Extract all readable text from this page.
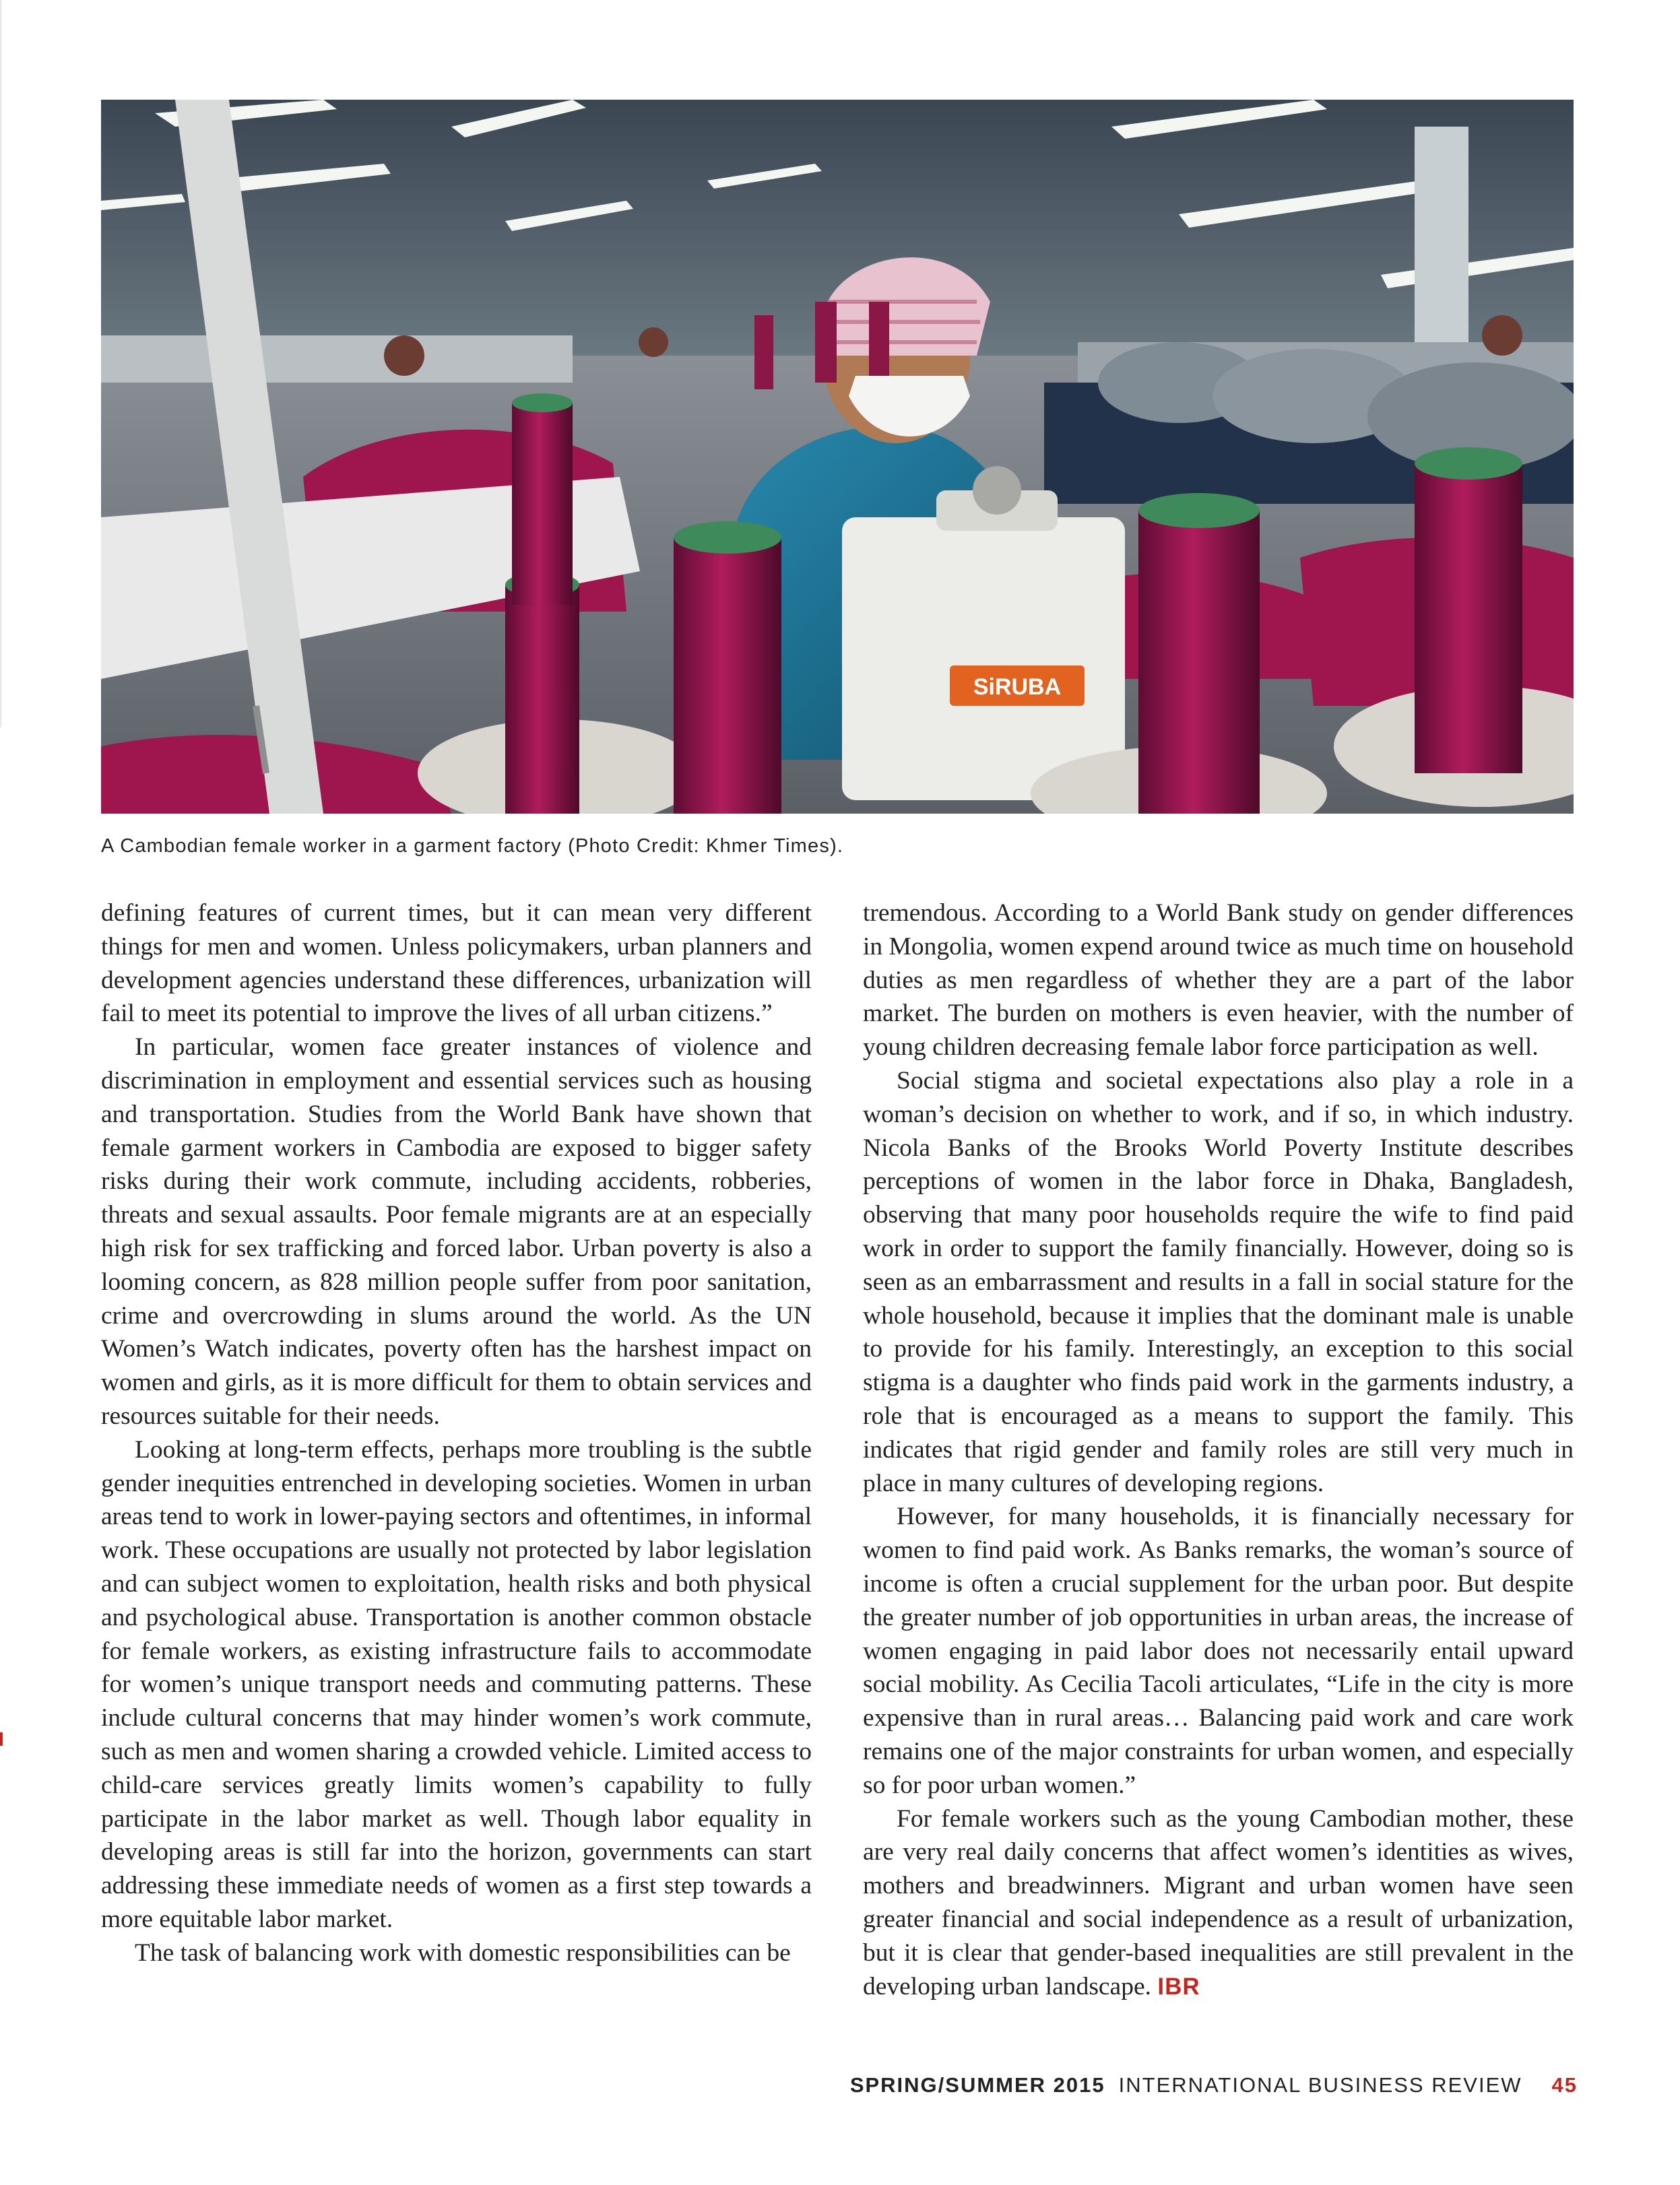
SiRUBA
A Cambodian female worker in a garment factory (Photo Credit: Khmer Times).

defining features of current times, but it can mean very different things for men and women. Unless policymakers, urban planners and development agencies understand these differences, urbanization will fail to meet its potential to improve the lives of all urban citizens.”

In particular, women face greater instances of violence and discrimination in employment and essential services such as housing and transportation. Studies from the World Bank have shown that female garment workers in Cambodia are exposed to bigger safety risks during their work commute, including accidents, robberies, threats and sexual assaults. Poor female migrants are at an especially high risk for sex trafficking and forced labor. Urban poverty is also a looming concern, as 828 million people suffer from poor sanitation, crime and overcrowding in slums around the world. As the UN Women’s Watch indicates, poverty often has the harshest impact on women and girls, as it is more difficult for them to obtain services and resources suitable for their needs.

Looking at long-term effects, perhaps more troubling is the subtle gender inequities entrenched in developing societies. Women in urban areas tend to work in lower-paying sectors and oftentimes, in informal work. These occupations are usually not protected by labor legislation and can subject women to exploitation, health risks and both physical and psychological abuse. Transportation is another common obstacle for female workers, as existing infrastructure fails to accommodate for women’s unique transport needs and commuting patterns. These include cultural concerns that may hinder women’s work commute, such as men and women sharing a crowded vehicle. Limited access to child-care services greatly limits women’s capability to fully participate in the labor market as well. Though labor equality in developing areas is still far into the horizon, governments can start addressing these immediate needs of women as a first step towards a more equitable labor market.

The task of balancing work with domestic responsibilities can be

tremendous. According to a World Bank study on gender differences in Mongolia, women expend around twice as much time on household duties as men regardless of whether they are a part of the labor market. The burden on mothers is even heavier, with the number of young children decreasing female labor force participation as well.

Social stigma and societal expectations also play a role in a woman’s decision on whether to work, and if so, in which industry. Nicola Banks of the Brooks World Poverty Institute describes perceptions of women in the labor force in Dhaka, Bangladesh, observing that many poor households require the wife to find paid work in order to support the family financially. However, doing so is seen as an embarrassment and results in a fall in social stature for the whole household, because it implies that the dominant male is unable to provide for his family. Interestingly, an exception to this social stigma is a daughter who finds paid work in the garments industry, a role that is encouraged as a means to support the family. This indicates that rigid gender and family roles are still very much in place in many cultures of developing regions.

However, for many households, it is financially necessary for women to find paid work. As Banks remarks, the woman’s source of income is often a crucial supplement for the urban poor. But despite the greater number of job opportunities in urban areas, the increase of women engaging in paid labor does not necessarily entail upward social mobility. As Cecilia Tacoli articulates, “Life in the city is more expensive than in rural areas… Balancing paid work and care work remains one of the major constraints for urban women, and especially so for poor urban women.”

For female workers such as the young Cambodian mother, these are very real daily concerns that affect women’s identities as wives, mothers and breadwinners. Migrant and urban women have seen greater financial and social independence as a result of urbanization, but it is clear that gender-based inequalities are still prevalent in the developing urban landscape. IBR

SPRING/SUMMER 2015 INTERNATIONAL BUSINESS REVIEW 45
